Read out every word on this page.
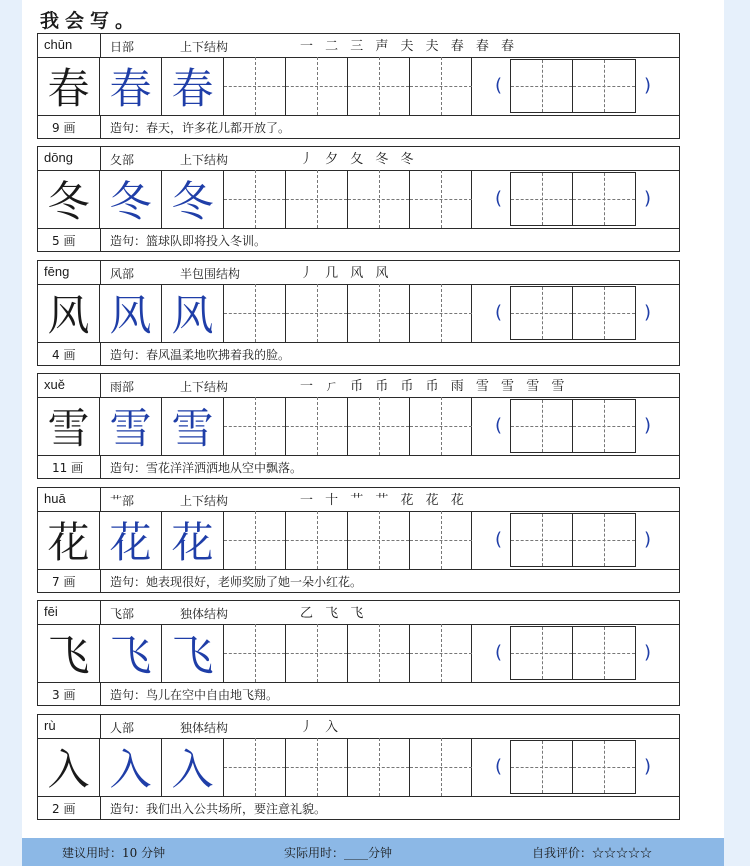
我会写。
chūn	日部	上下结构	一 二 三 声 夫 夫 春 春 春
春 春 春	(	)
9 画	造句：春天，许多花儿都开放了。
dōng	夂部	上下结构	丿 夕 夂 冬 冬
冬 冬 冬	(	)
5 画	造句：篮球队即将投入冬训。
fēng	风部	半包围结构	丿 几 风 风
风 风 风	(	)
4 画	造句：春风温柔地吹拂着我的脸。
xuě	雨部	上下结构	一 ㄏ 币 币 币 币 雨 雪 雪 雪 雪
雪 雪 雪	(	)
11 画 造句：雪花洋洋洒洒地从空中飘落。
huā	艹部	上下结构	一 十 艹 艹 花 花 花
花 花 花	(	)
7 画	造句：她表现很好，老师奖励了她一朵小红花。
fēi	飞部	独体结构	乙 飞 飞
飞 飞 飞	(	)
3 画	造句：鸟儿在空中自由地飞翔。
rù	人部	独体结构	丿 入
入 入 入	(	)
2 画	造句：我们出入公共场所，要注意礼貌。
建议用时：10 分钟	实际用时：____分钟	自我评价：☆☆☆☆☆
